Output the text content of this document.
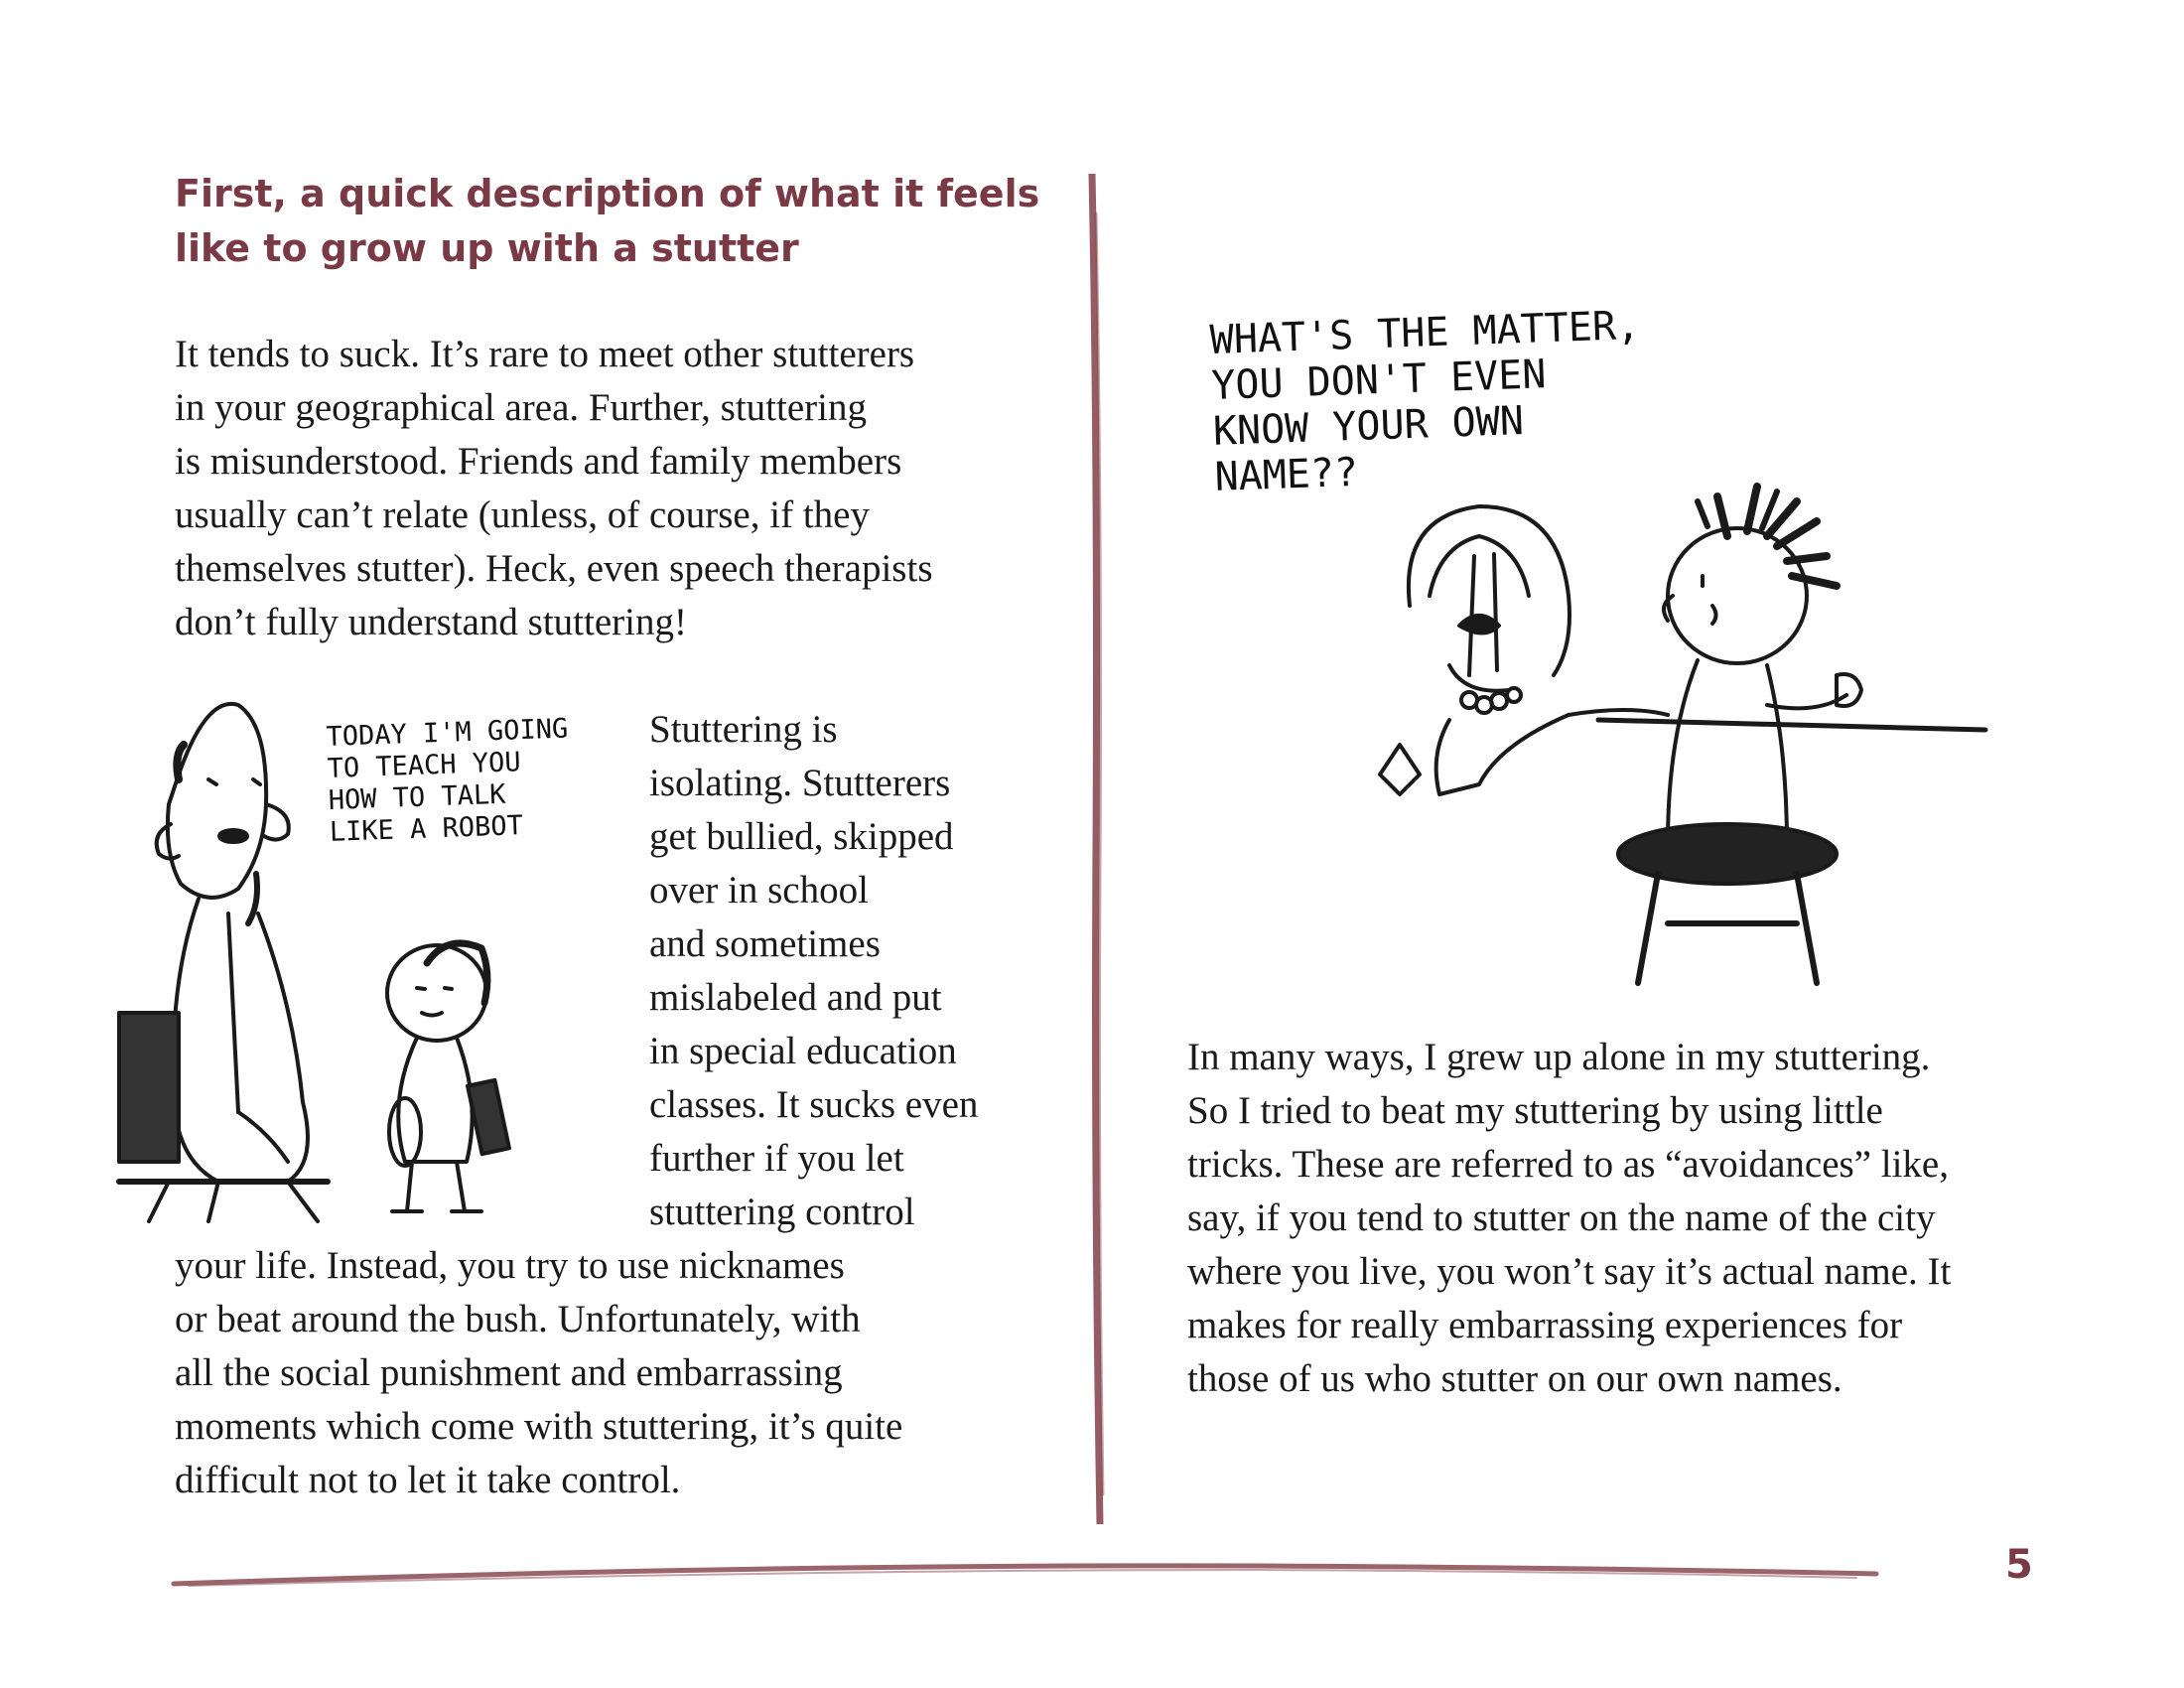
First, a quick description of what it feels
like to grow up with a stutter

It tends to suck. It’s rare to meet other stutterers
in your geographical area. Further, stuttering
is misunderstood. Friends and family members
usually can’t relate (unless, of course, if they
themselves stutter). Heck, even speech therapists
don’t fully understand stuttering!

Stuttering is
isolating. Stutterers
get bullied, skipped
over in school
and sometimes
mislabeled and put
in special education
classes. It sucks even
further if you let
stuttering control

your life. Instead, you try to use nicknames
or beat around the bush. Unfortunately, with
all the social punishment and embarrassing
moments which come with stuttering, it’s quite
difficult not to let it take control.

TODAY I'M GOING
TO TEACH YOU
HOW TO TALK
LIKE A ROBOT
WHAT'S THE MATTER,
YOU DON'T EVEN
KNOW YOUR OWN
NAME??

In many ways, I grew up alone in my stuttering.
So I tried to beat my stuttering by using little
tricks. These are referred to as “avoidances” like,
say, if you tend to stutter on the name of the city
where you live, you won’t say it’s actual name. It
makes for really embarrassing experiences for
those of us who stutter on our own names.

5
